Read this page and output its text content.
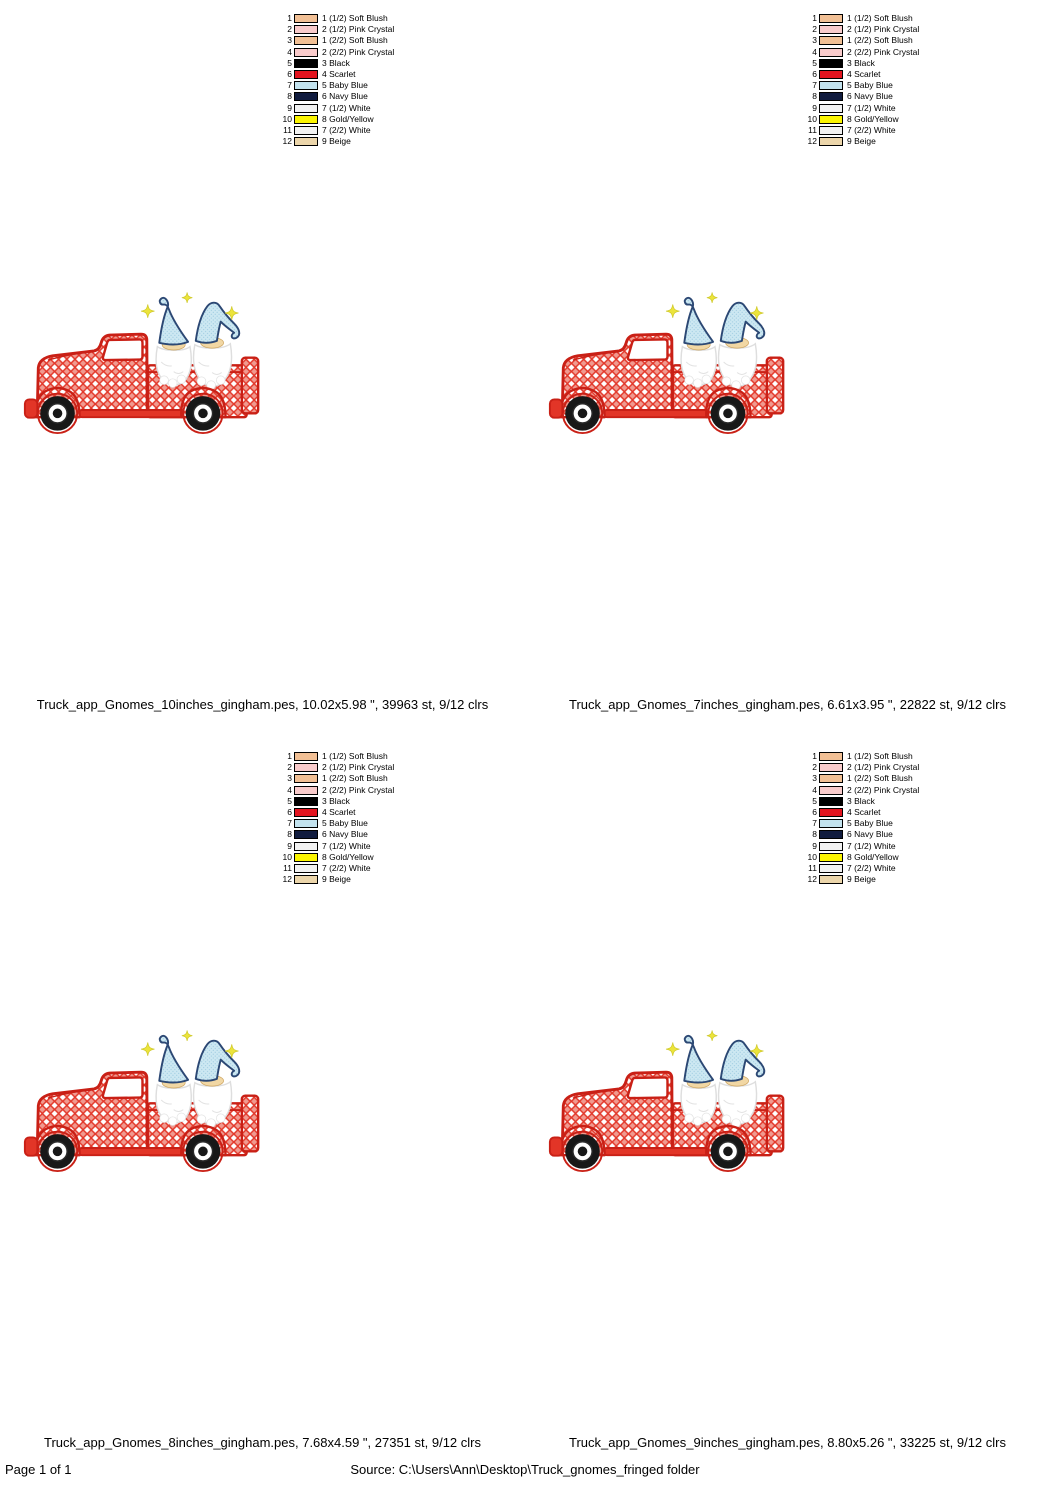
1	1 (1/2) Soft Blush
2	2 (1/2) Pink Crystal
3	1 (2/2) Soft Blush
4	2 (2/2) Pink Crystal
5	3 Black
6	4 Scarlet
7	5 Baby Blue
8	6 Navy Blue
9	7 (1/2) White
10	8 Gold/Yellow
11	7 (2/2) White
12	9 Beige
Truck_app_Gnomes_10inches_gingham.pes, 10.02x5.98 ", 39963 st, 9/12 clrs
1	1 (1/2) Soft Blush
2	2 (1/2) Pink Crystal
3	1 (2/2) Soft Blush
4	2 (2/2) Pink Crystal
5	3 Black
6	4 Scarlet
7	5 Baby Blue
8	6 Navy Blue
9	7 (1/2) White
10	8 Gold/Yellow
11	7 (2/2) White
12	9 Beige
Truck_app_Gnomes_7inches_gingham.pes, 6.61x3.95 ", 22822 st, 9/12 clrs
1	1 (1/2) Soft Blush
2	2 (1/2) Pink Crystal
3	1 (2/2) Soft Blush
4	2 (2/2) Pink Crystal
5	3 Black
6	4 Scarlet
7	5 Baby Blue
8	6 Navy Blue
9	7 (1/2) White
10	8 Gold/Yellow
11	7 (2/2) White
12	9 Beige
Truck_app_Gnomes_8inches_gingham.pes, 7.68x4.59 ", 27351 st, 9/12 clrs
1	1 (1/2) Soft Blush
2	2 (1/2) Pink Crystal
3	1 (2/2) Soft Blush
4	2 (2/2) Pink Crystal
5	3 Black
6	4 Scarlet
7	5 Baby Blue
8	6 Navy Blue
9	7 (1/2) White
10	8 Gold/Yellow
11	7 (2/2) White
12	9 Beige
Truck_app_Gnomes_9inches_gingham.pes, 8.80x5.26 ", 33225 st, 9/12 clrs
Page 1 of 1	Source: C:\Users\Ann\Desktop\Truck_gnomes_fringed folder
